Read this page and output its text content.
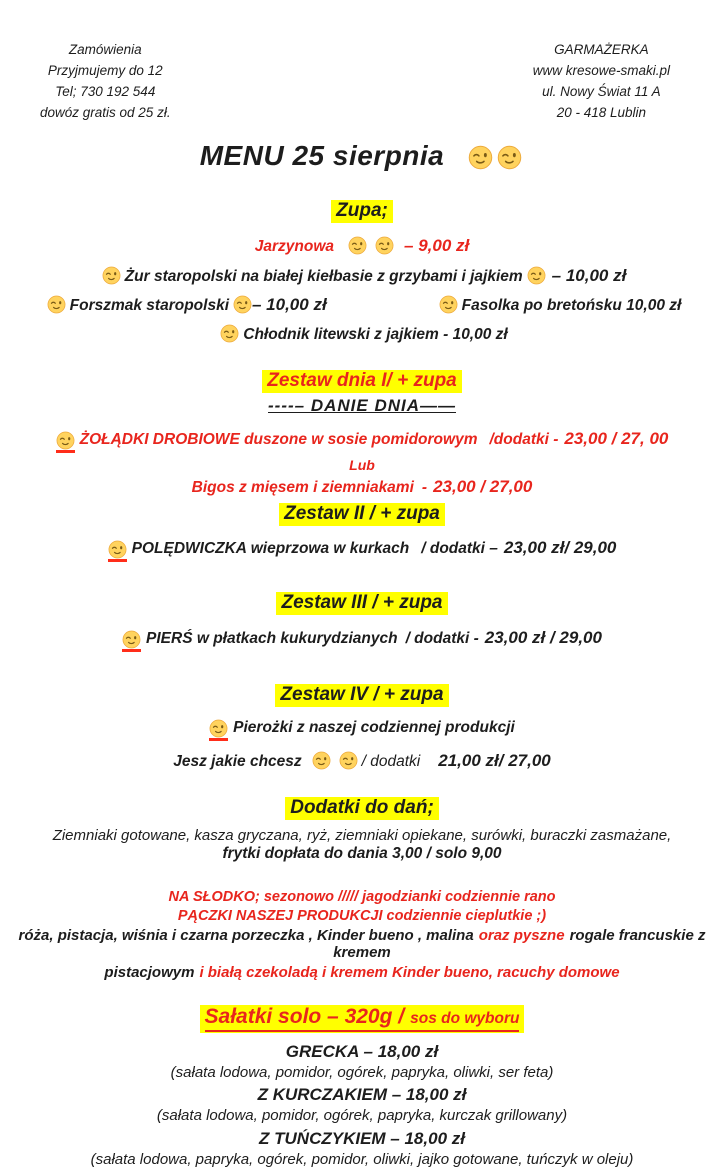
Zamówienia
Przyjmujemy do 12
Tel; 730 192 544
dowóz gratis od 25 zł.
GARMAŻERKA
www kresowe-smaki.pl
ul. Nowy Świat 11 A
20 - 418 Lublin
MENU 25 sierpnia
Zupa;
Jarzynowa	– 9,00 zł
Żur staropolski na białej kiełbasie z grzybami i jajkiem – 10,00 zł
Forszmak staropolski – 10,00 zł	Fasolka po bretońsku 10,00 zł
Chłodnik litewski z jajkiem - 10,00 zł
Zestaw dnia I/ + zupa
----– DANIE DNIA——
ŻOŁĄDKI DROBIOWE duszone w sosie pomidorowym /dodatki - 23,00 / 27, 00
Lub
Bigos z mięsem i ziemniakami - 23,00 / 27,00
Zestaw II / + zupa
POLĘDWICZKA wieprzowa w kurkach / dodatki – 23,00 zł/ 29,00
Zestaw III / + zupa
PIERŚ w płatkach kukurydzianych / dodatki - 23,00 zł / 29,00
Zestaw IV / + zupa
Pierożki z naszej codziennej produkcji
Jesz jakie chcesz	/ dodatki 21,00 zł/ 27,00
Dodatki do dań;
Ziemniaki gotowane, kasza gryczana, ryż, ziemniaki opiekane, surówki, buraczki zasmażane,
frytki dopłata do dania 3,00 / solo 9,00
NA SŁODKO; sezonowo ///// jagodzianki codziennie rano
PĄCZKI NASZEJ PRODUKCJI codziennie cieplutkie ;)
róża, pistacja, wiśnia i czarna porzeczka , Kinder bueno , malina oraz pyszne rogale francuskie z kremem
pistacjowym i białą czekoladą i kremem Kinder bueno, racuchy domowe
Sałatki solo – 320g / sos do wyboru
GRECKA – 18,00 zł
(sałata lodowa, pomidor, ogórek, papryka, oliwki, ser feta)
Z KURCZAKIEM – 18,00 zł
(sałata lodowa, pomidor, ogórek, papryka, kurczak grillowany)
Z TUŃCZYKIEM – 18,00 zł
(sałata lodowa, papryka, ogórek, pomidor, oliwki, jajko gotowane, tuńczyk w oleju)
